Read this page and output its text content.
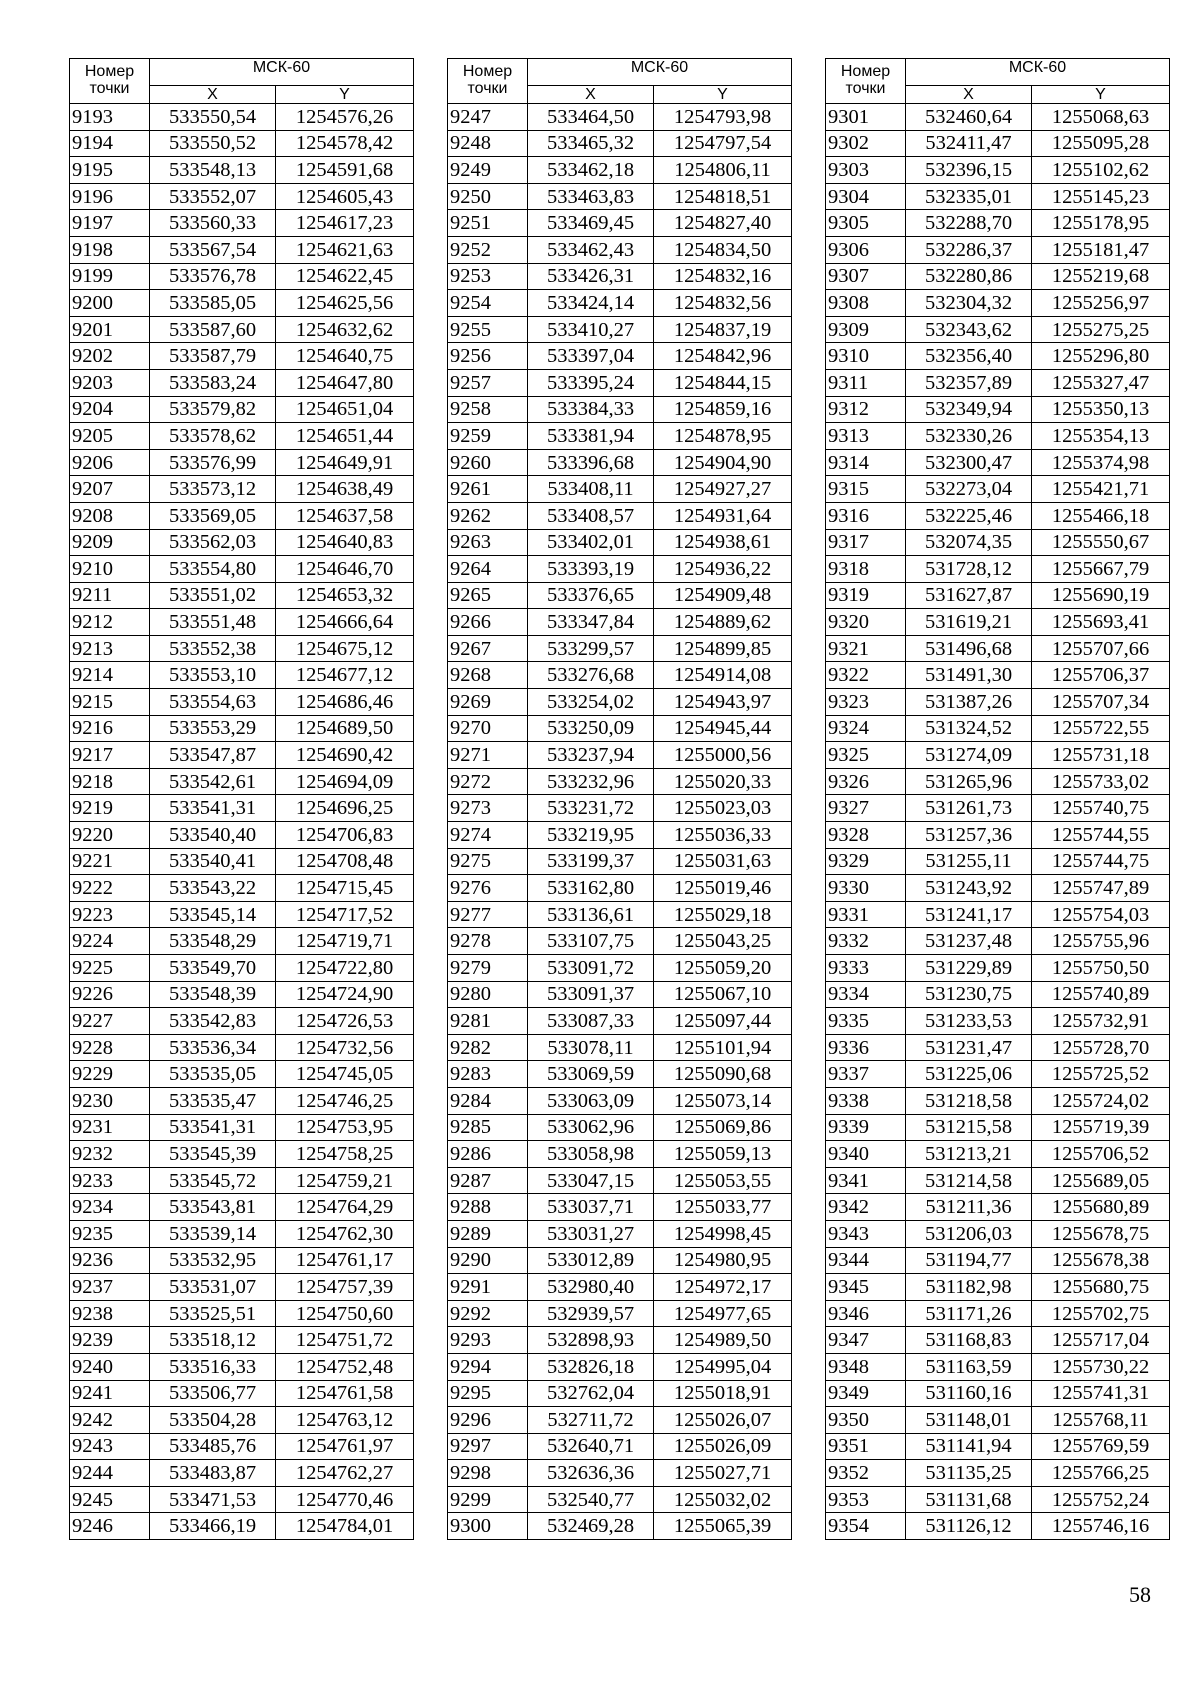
Номер
точки	МСК-60	
	X	Y
9193	533550,54	1254576,26
9194	533550,52	1254578,42
9195	533548,13	1254591,68
9196	533552,07	1254605,43
9197	533560,33	1254617,23
9198	533567,54	1254621,63
9199	533576,78	1254622,45
9200	533585,05	1254625,56
9201	533587,60	1254632,62
9202	533587,79	1254640,75
9203	533583,24	1254647,80
9204	533579,82	1254651,04
9205	533578,62	1254651,44
9206	533576,99	1254649,91
9207	533573,12	1254638,49
9208	533569,05	1254637,58
9209	533562,03	1254640,83
9210	533554,80	1254646,70
9211	533551,02	1254653,32
9212	533551,48	1254666,64
9213	533552,38	1254675,12
9214	533553,10	1254677,12
9215	533554,63	1254686,46
9216	533553,29	1254689,50
9217	533547,87	1254690,42
9218	533542,61	1254694,09
9219	533541,31	1254696,25
9220	533540,40	1254706,83
9221	533540,41	1254708,48
9222	533543,22	1254715,45
9223	533545,14	1254717,52
9224	533548,29	1254719,71
9225	533549,70	1254722,80
9226	533548,39	1254724,90
9227	533542,83	1254726,53
9228	533536,34	1254732,56
9229	533535,05	1254745,05
9230	533535,47	1254746,25
9231	533541,31	1254753,95
9232	533545,39	1254758,25
9233	533545,72	1254759,21
9234	533543,81	1254764,29
9235	533539,14	1254762,30
9236	533532,95	1254761,17
9237	533531,07	1254757,39
9238	533525,51	1254750,60
9239	533518,12	1254751,72
9240	533516,33	1254752,48
9241	533506,77	1254761,58
9242	533504,28	1254763,12
9243	533485,76	1254761,97
9244	533483,87	1254762,27
9245	533471,53	1254770,46
9246	533466,19	1254784,01
Номер
точки	МСК-60	
	X	Y
9247	533464,50	1254793,98
9248	533465,32	1254797,54
9249	533462,18	1254806,11
9250	533463,83	1254818,51
9251	533469,45	1254827,40
9252	533462,43	1254834,50
9253	533426,31	1254832,16
9254	533424,14	1254832,56
9255	533410,27	1254837,19
9256	533397,04	1254842,96
9257	533395,24	1254844,15
9258	533384,33	1254859,16
9259	533381,94	1254878,95
9260	533396,68	1254904,90
9261	533408,11	1254927,27
9262	533408,57	1254931,64
9263	533402,01	1254938,61
9264	533393,19	1254936,22
9265	533376,65	1254909,48
9266	533347,84	1254889,62
9267	533299,57	1254899,85
9268	533276,68	1254914,08
9269	533254,02	1254943,97
9270	533250,09	1254945,44
9271	533237,94	1255000,56
9272	533232,96	1255020,33
9273	533231,72	1255023,03
9274	533219,95	1255036,33
9275	533199,37	1255031,63
9276	533162,80	1255019,46
9277	533136,61	1255029,18
9278	533107,75	1255043,25
9279	533091,72	1255059,20
9280	533091,37	1255067,10
9281	533087,33	1255097,44
9282	533078,11	1255101,94
9283	533069,59	1255090,68
9284	533063,09	1255073,14
9285	533062,96	1255069,86
9286	533058,98	1255059,13
9287	533047,15	1255053,55
9288	533037,71	1255033,77
9289	533031,27	1254998,45
9290	533012,89	1254980,95
9291	532980,40	1254972,17
9292	532939,57	1254977,65
9293	532898,93	1254989,50
9294	532826,18	1254995,04
9295	532762,04	1255018,91
9296	532711,72	1255026,07
9297	532640,71	1255026,09
9298	532636,36	1255027,71
9299	532540,77	1255032,02
9300	532469,28	1255065,39
Номер
точки	МСК-60	
	X	Y
9301	532460,64	1255068,63
9302	532411,47	1255095,28
9303	532396,15	1255102,62
9304	532335,01	1255145,23
9305	532288,70	1255178,95
9306	532286,37	1255181,47
9307	532280,86	1255219,68
9308	532304,32	1255256,97
9309	532343,62	1255275,25
9310	532356,40	1255296,80
9311	532357,89	1255327,47
9312	532349,94	1255350,13
9313	532330,26	1255354,13
9314	532300,47	1255374,98
9315	532273,04	1255421,71
9316	532225,46	1255466,18
9317	532074,35	1255550,67
9318	531728,12	1255667,79
9319	531627,87	1255690,19
9320	531619,21	1255693,41
9321	531496,68	1255707,66
9322	531491,30	1255706,37
9323	531387,26	1255707,34
9324	531324,52	1255722,55
9325	531274,09	1255731,18
9326	531265,96	1255733,02
9327	531261,73	1255740,75
9328	531257,36	1255744,55
9329	531255,11	1255744,75
9330	531243,92	1255747,89
9331	531241,17	1255754,03
9332	531237,48	1255755,96
9333	531229,89	1255750,50
9334	531230,75	1255740,89
9335	531233,53	1255732,91
9336	531231,47	1255728,70
9337	531225,06	1255725,52
9338	531218,58	1255724,02
9339	531215,58	1255719,39
9340	531213,21	1255706,52
9341	531214,58	1255689,05
9342	531211,36	1255680,89
9343	531206,03	1255678,75
9344	531194,77	1255678,38
9345	531182,98	1255680,75
9346	531171,26	1255702,75
9347	531168,83	1255717,04
9348	531163,59	1255730,22
9349	531160,16	1255741,31
9350	531148,01	1255768,11
9351	531141,94	1255769,59
9352	531135,25	1255766,25
9353	531131,68	1255752,24
9354	531126,12	1255746,16
58
